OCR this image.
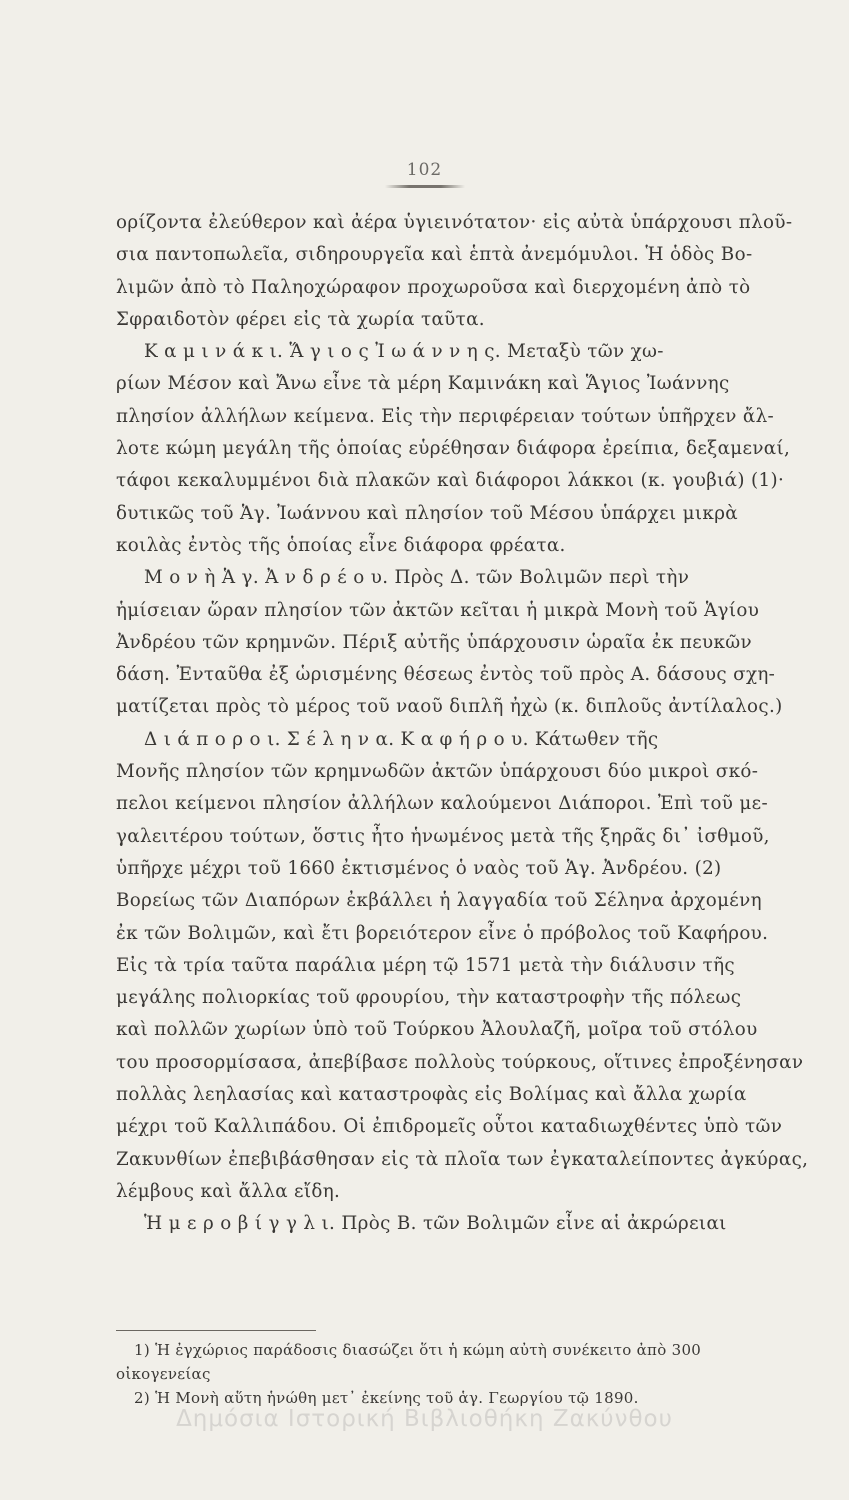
102
ορίζοντα ἐλεύθερον καὶ ἀέρα ὑγιεινότατον· εἰς αὐτὰ ὑπάρχουσι πλοῦ-
σια παντοπωλεῖα, σιδηρουργεῖα καὶ ἑπτὰ ἀνεμόμυλοι. Ἡ ὁδὸς Βο-
λιμῶν ἀπὸ τὸ Παληοχώραφον προχωροῦσα καὶ διερχομένη ἀπὸ τὸ
Σφραιδοτὸν φέρει εἰς τὰ χωρία ταῦτα.
Κ α μ ι ν ά κ ι. Ἅ γ ι ο ς Ἰ ω ά ν ν η ς. Μεταξὺ τῶν χω-
ρίων Μέσον καὶ Ἄνω εἶνε τὰ μέρη Καμινάκη καὶ Ἅγιος Ἰωάννης
πλησίον ἀλλήλων κείμενα. Εἰς τὴν περιφέρειαν τούτων ὑπῆρχεν ἄλ-
λοτε κώμη μεγάλη τῆς ὁποίας εὑρέθησαν διάφορα ἐρείπια, δεξαμεναί,
τάφοι κεκαλυμμένοι διὰ πλακῶν καὶ διάφοροι λάκκοι (κ. γουβιά) (1)·
δυτικῶς τοῦ Ἁγ. Ἰωάννου καὶ πλησίον τοῦ Μέσου ὑπάρχει μικρὰ
κοιλὰς ἐντὸς τῆς ὁποίας εἶνε διάφορα φρέατα.
Μ ο ν ὴ Ἁ γ. Ἀ ν δ ρ έ ο υ. Πρὸς Δ. τῶν Βολιμῶν περὶ τὴν
ἡμίσειαν ὥραν πλησίον τῶν ἀκτῶν κεῖται ἡ μικρὰ Μονὴ τοῦ Ἁγίου
Ἀνδρέου τῶν κρημνῶν. Πέριξ αὐτῆς ὑπάρχουσιν ὡραῖα ἐκ πευκῶν
δάση. Ἐνταῦθα ἐξ ὡρισμένης θέσεως ἐντὸς τοῦ πρὸς Α. δάσους σχη-
ματίζεται πρὸς τὸ μέρος τοῦ ναοῦ διπλῆ ἠχὼ (κ. διπλοῦς ἀντίλαλος.)
Δ ι ά π ο ρ ο ι. Σ έ λ η ν α. Κ α φ ή ρ ο υ. Κάτωθεν τῆς
Μονῆς πλησίον τῶν κρημνωδῶν ἀκτῶν ὑπάρχουσι δύο μικροὶ σκό-
πελοι κείμενοι πλησίον ἀλλήλων καλούμενοι Διάποροι. Ἐπὶ τοῦ με-
γαλειτέρου τούτων, ὅστις ἦτο ἡνωμένος μετὰ τῆς ξηρᾶς δι᾽ ἰσθμοῦ,
ὑπῆρχε μέχρι τοῦ 1660 ἐκτισμένος ὁ ναὸς τοῦ Ἁγ. Ἀνδρέου. (2)
Βορείως τῶν Διαπόρων ἐκβάλλει ἡ λαγγαδία τοῦ Σέληνα ἀρχομένη
ἐκ τῶν Βολιμῶν, καὶ ἔτι βορειότερον εἶνε ὁ πρόβολος τοῦ Καφήρου.
Εἰς τὰ τρία ταῦτα παράλια μέρη τῷ 1571 μετὰ τὴν διάλυσιν τῆς
μεγάλης πολιορκίας τοῦ φρουρίου, τὴν καταστροφὴν τῆς πόλεως
καὶ πολλῶν χωρίων ὑπὸ τοῦ Τούρκου Ἀλουλαζῆ, μοῖρα τοῦ στόλου
του προσορμίσασα, ἀπεβίβασε πολλοὺς τούρκους, οἵτινες ἐπροξένησαν
πολλὰς λεηλασίας καὶ καταστροφὰς εἰς Βολίμας καὶ ἄλλα χωρία
μέχρι τοῦ Καλλιπάδου. Οἱ ἐπιδρομεῖς οὗτοι καταδιωχθέντες ὑπὸ τῶν
Ζακυνθίων ἐπεβιβάσθησαν εἰς τὰ πλοῖα των ἐγκαταλείποντες ἀγκύρας,
λέμβους καὶ ἄλλα εἴδη.
Ἡ μ ε ρ ο β ί γ γ λ ι. Πρὸς Β. τῶν Βολιμῶν εἶνε αἱ ἀκρώρειαι
1) Ἡ ἐγχώριος παράδοσις διασώζει ὅτι ἡ κώμη αὐτὴ συνέκειτο ἀπὸ 300
οἰκογενείας
2) Ἡ Μονὴ αὕτη ἡνώθη μετ᾽ ἐκείνης τοῦ ἁγ. Γεωργίου τῷ 1890.
Δημόσια Ιστορική Βιβλιοθήκη Ζακύνθου
